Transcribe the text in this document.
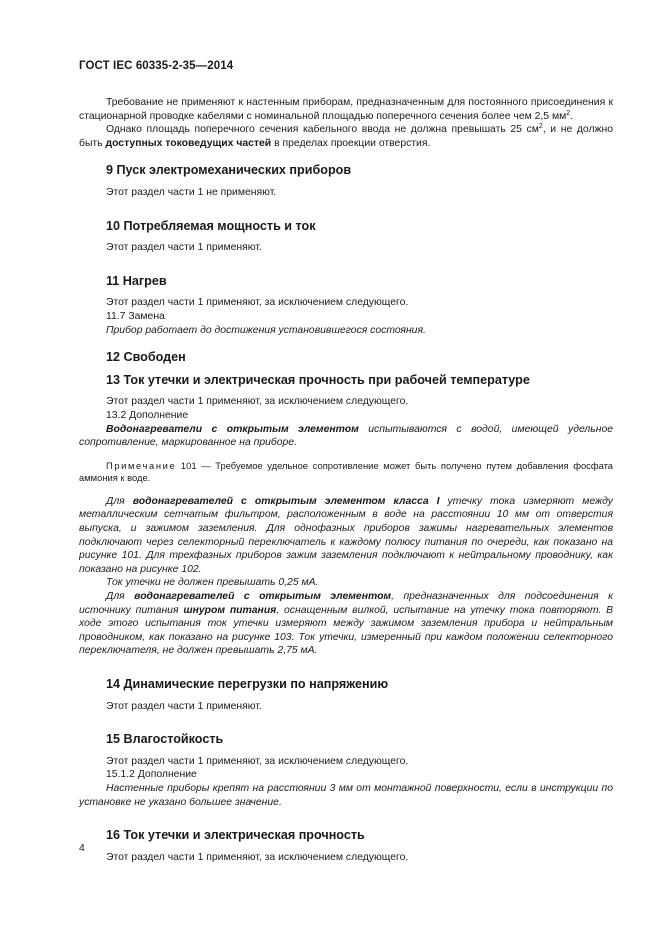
ГОСТ IEC 60335-2-35—2014

Требование не применяют к настенным приборам, предназначенным для постоянного присоединения к стационарной проводке кабелями с номинальной площадью поперечного сечения более чем 2,5 $мм^2$.

Однако площадь поперечного сечения кабельного ввода не должна превышать 25 $см^2$, и не должно быть доступных токоведущих частей в пределах проекции отверстия.

9 Пуск электромеханических приборов

Этот раздел части 1 не применяют.

10 Потребляемая мощность и ток

Этот раздел части 1 применяют.

11 Нагрев

Этот раздел части 1 применяют, за исключением следующего.

11.7 Замена

Прибор работает до достижения установившегося состояния.

12 Свободен
13 Ток утечки и электрическая прочность при рабочей температуре

Этот раздел части 1 применяют, за исключением следующего.

13.2 Дополнение

Водонагреватели с открытым элементом испытываются с водой, имеющей удельное сопротивление, маркированное на приборе.

Примечание 101 — Требуемое удельное сопротивление может быть получено путем добавления фосфата аммония к воде.

Для водонагревателей с открытым элементом класса I утечку тока измеряют между металлическим сетчатым фильтром, расположенным в воде на расстоянии 10 мм от отверстия выпуска, и зажимом заземления. Для однофазных приборов зажимы нагревательных элементов подключают через селекторный переключатель к каждому полюсу питания по очереди, как показано на рисунке 101. Для трехфазных приборов зажим заземления подключают к нейтральному проводнику, как показано на рисунке 102.

Ток утечки не должен превышать 0,25 мА.

Для водонагревателей с открытым элементом, предназначенных для подсоединения к источнику питания шнуром питания, оснащенным вилкой, испытание на утечку тока повторяют. В ходе этого испытания ток утечки измеряют между зажимом заземления прибора и нейтральным проводником, как показано на рисунке 103. Ток утечки, измеренный при каждом положении селекторного переключателя, не должен превышать 2,75 мА.

14 Динамические перегрузки по напряжению

Этот раздел части 1 применяют.

15 Влагостойкость

Этот раздел части 1 применяют, за исключением следующего.

15.1.2 Дополнение

Настенные приборы крепят на расстоянии 3 мм от монтажной поверхности, если в инструкции по установке не указано большее значение.

16 Ток утечки и электрическая прочность

Этот раздел части 1 применяют, за исключением следующего.

4
